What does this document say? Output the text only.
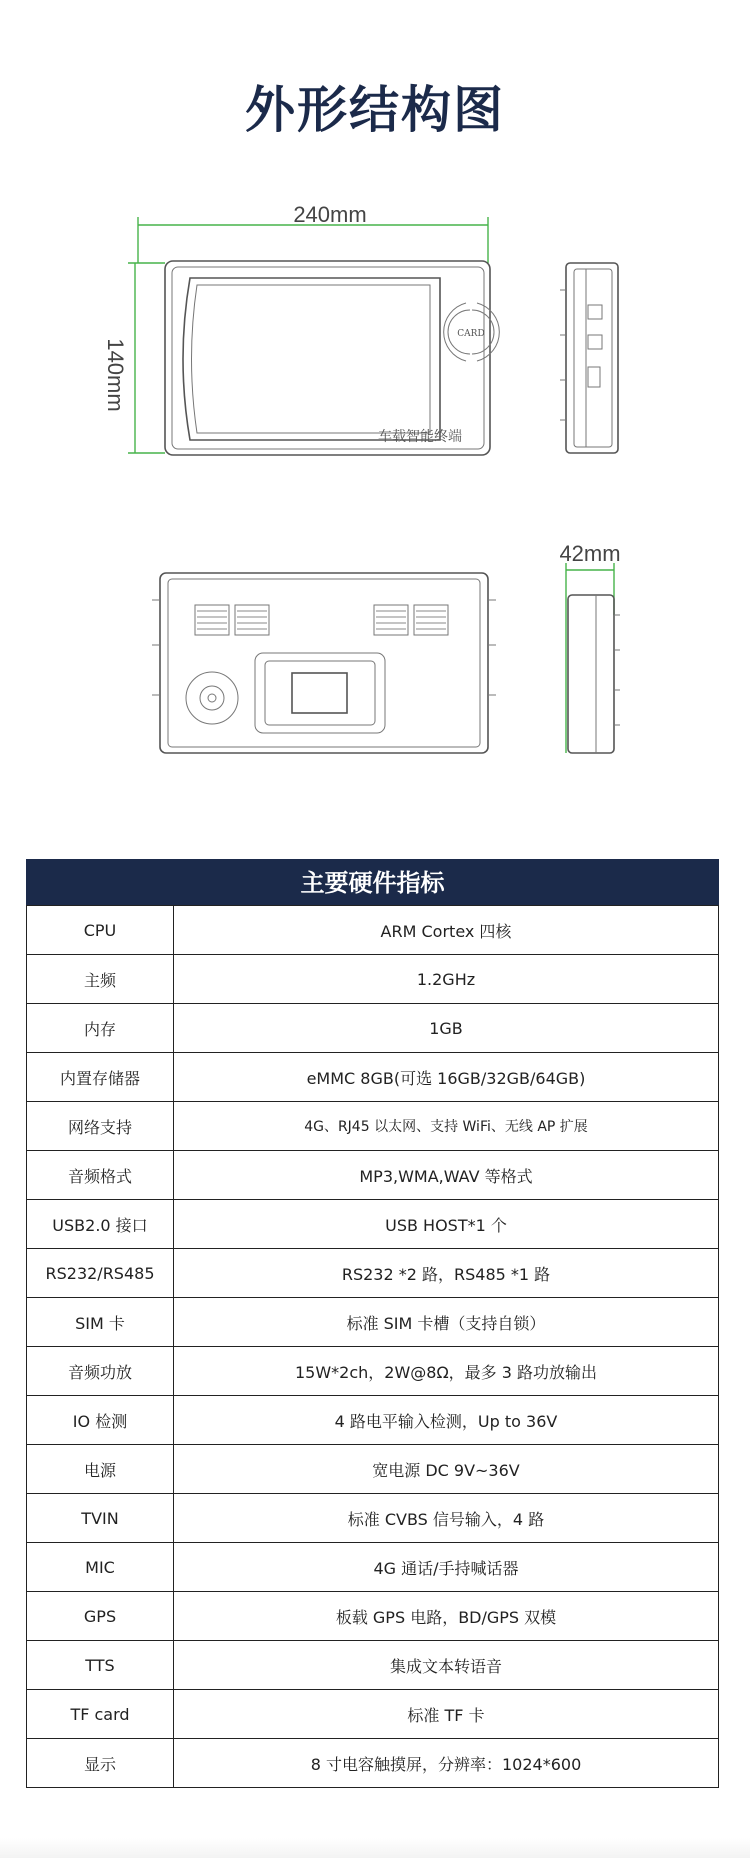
外形结构图
240mm
140mm
CARD
车载智能终端
42mm
主要硬件指标
CPU	ARM Cortex 四核
主频	1.2GHz
内存	1GB
内置存储器	eMMC 8GB(可选 16GB/32GB/64GB)
网络支持	4G、RJ45 以太网、支持 WiFi、无线 AP 扩展
音频格式	MP3,WMA,WAV 等格式
USB2.0 接口	USB HOST*1 个
RS232/RS485	RS232 *2 路，RS485 *1 路
SIM 卡	标准 SIM 卡槽（支持自锁）
音频功放	15W*2ch，2W@8Ω，最多 3 路功放输出
IO 检测	4 路电平输入检测，Up to 36V
电源	宽电源 DC 9V~36V
TVIN	标准 CVBS 信号输入，4 路
MIC	4G 通话/手持喊话器
GPS	板载 GPS 电路，BD/GPS 双模
TTS	集成文本转语音
TF card	标准 TF 卡
显示	8 寸电容触摸屏，分辨率：1024*600
